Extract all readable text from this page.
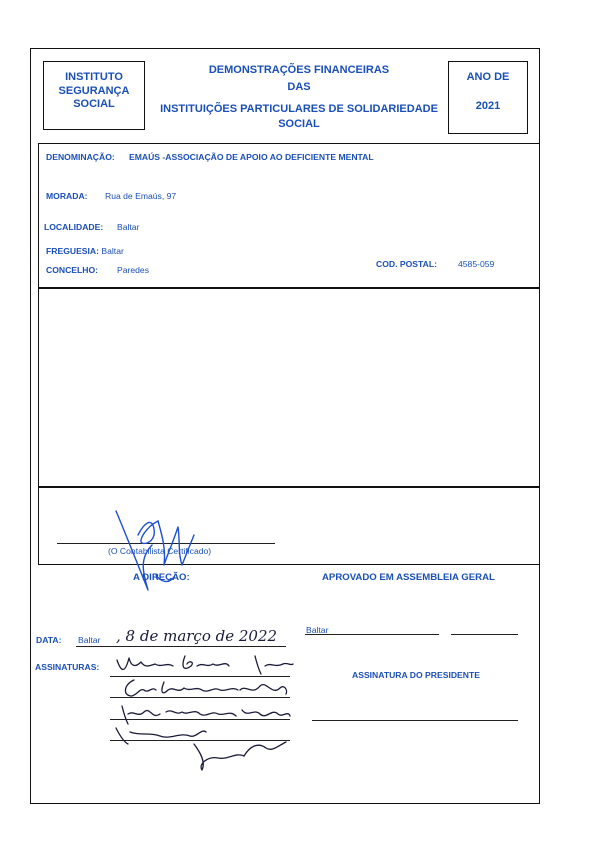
INSTITUTO
SEGURANÇA
SOCIAL
DEMONSTRAÇÕES FINANCEIRAS
DAS
INSTITUIÇÕES PARTICULARES DE SOLIDARIEDADE
SOCIAL
ANO DE
2021
DENOMINAÇÃO: EMAÚS -ASSOCIAÇÃO DE APOIO AO DEFICIENTE MENTAL
MORADA: Rua de Emaús, 97
LOCALIDADE: Baltar
FREGUESIA: Baltar
CONCELHO: Paredes
COD. POSTAL: 4585-059
(O Contabilista Certificado)
A DIREÇÃO:	APROVADO EM ASSEMBLEIA GERAL
DATA: Baltar , 8 de março de 2022	Baltar
ASSINATURAS:
ASSINATURA DO PRESIDENTE
